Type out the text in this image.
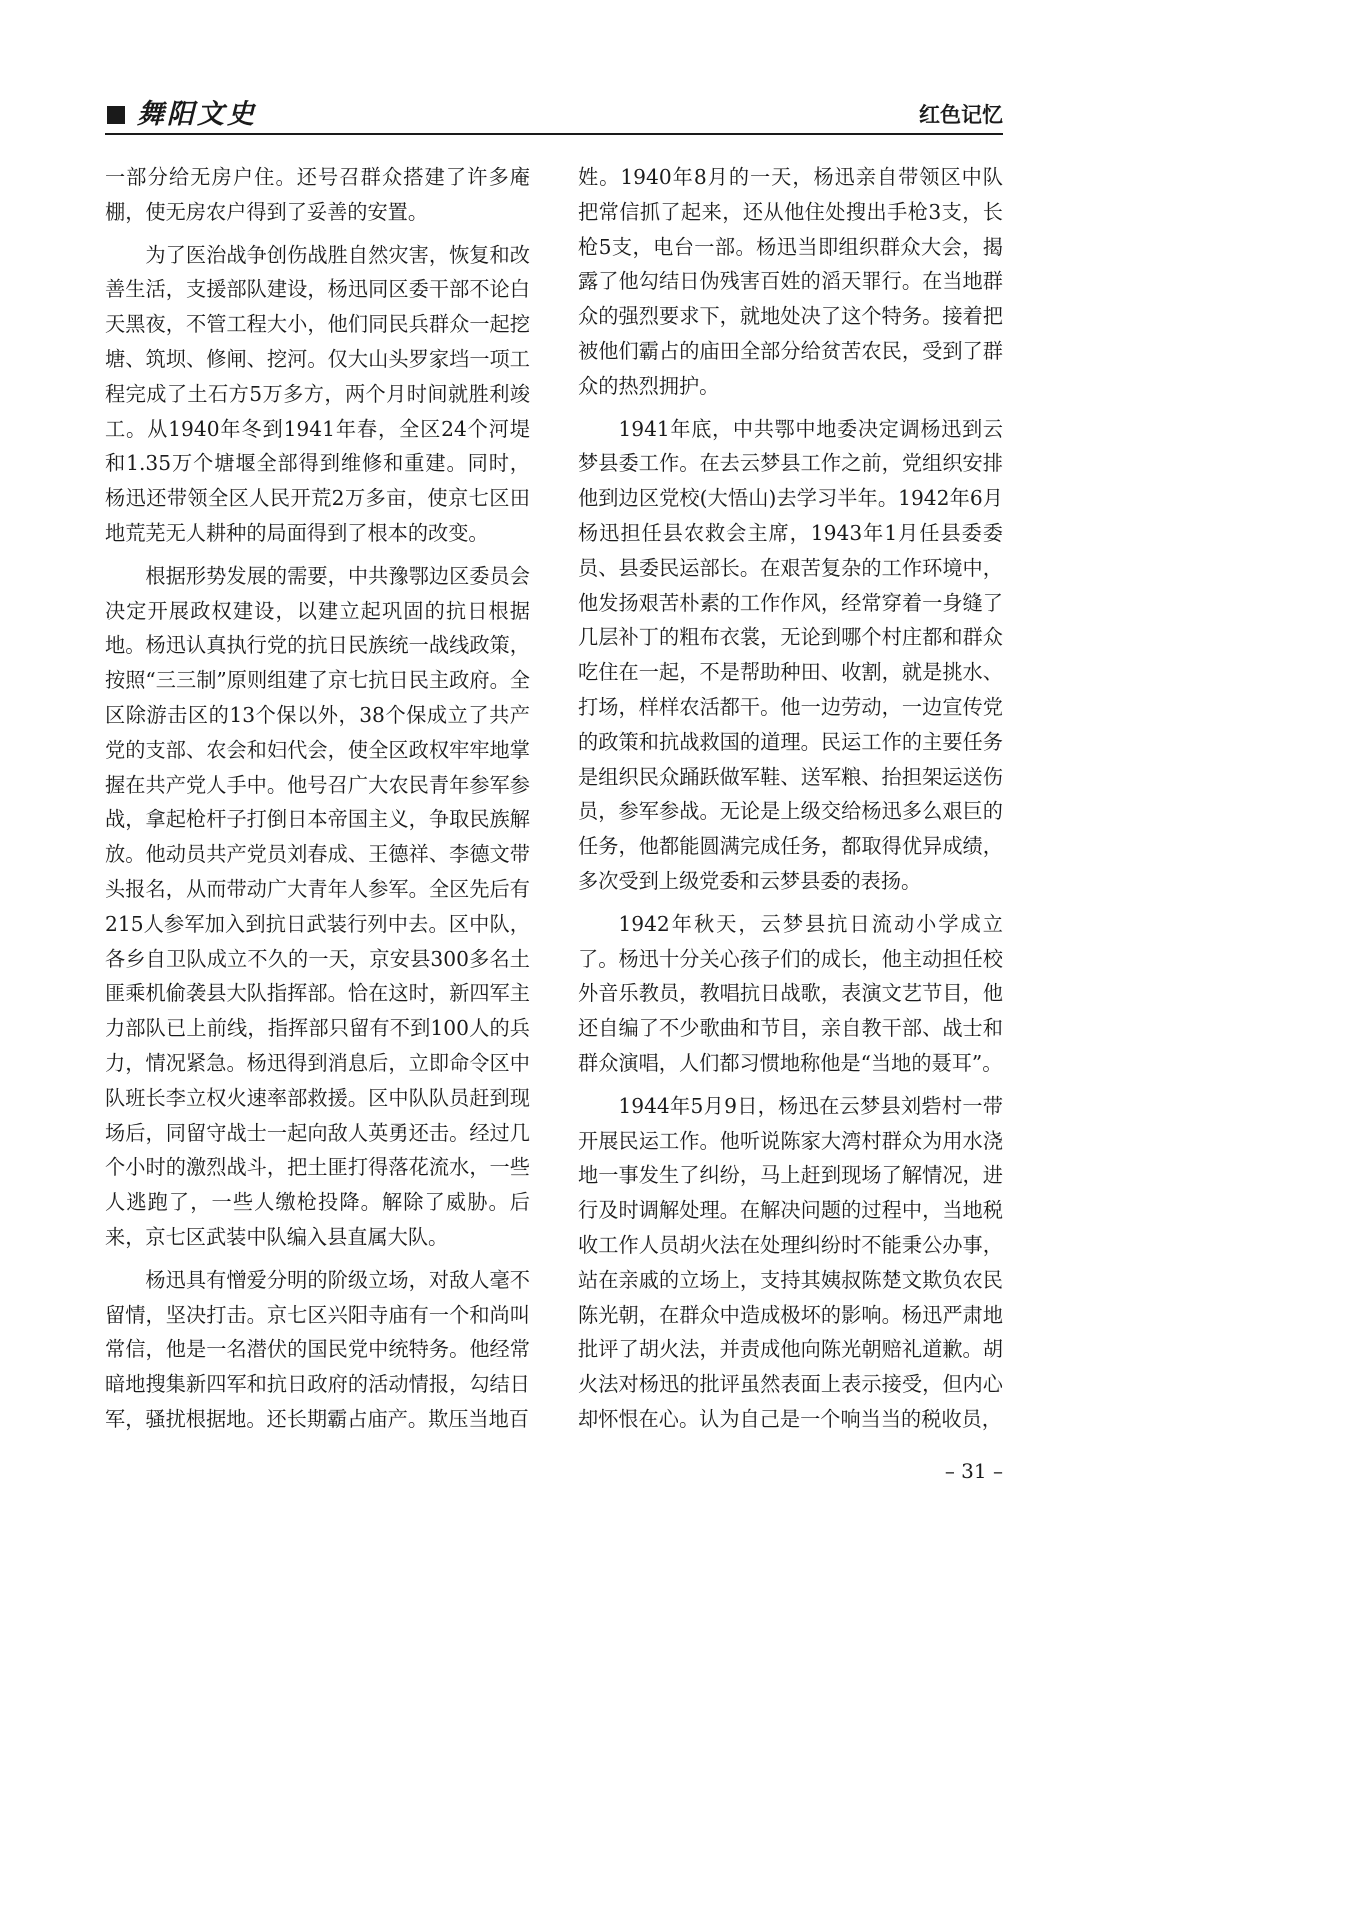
舞阳文史	红色记忆

一部分给无房户住。还号召群众搭建了许多庵棚，使无房农户得到了妥善的安置。

为了医治战争创伤战胜自然灾害，恢复和改善生活，支援部队建设，杨迅同区委干部不论白天黑夜，不管工程大小，他们同民兵群众一起挖塘、筑坝、修闸、挖河。仅大山头罗家垱一项工程完成了土石方5万多方，两个月时间就胜利竣工。从1940年冬到1941年春，全区24个河堤和1.35万个塘堰全部得到维修和重建。同时，杨迅还带领全区人民开荒2万多亩，使京七区田地荒芜无人耕种的局面得到了根本的改变。

根据形势发展的需要，中共豫鄂边区委员会决定开展政权建设，以建立起巩固的抗日根据地。杨迅认真执行党的抗日民族统一战线政策，按照“三三制”原则组建了京七抗日民主政府。全区除游击区的13个保以外，38个保成立了共产党的支部、农会和妇代会，使全区政权牢牢地掌握在共产党人手中。他号召广大农民青年参军参战，拿起枪杆子打倒日本帝国主义，争取民族解放。他动员共产党员刘春成、王德祥、李德文带头报名，从而带动广大青年人参军。全区先后有215人参军加入到抗日武装行列中去。区中队，各乡自卫队成立不久的一天，京安县300多名土匪乘机偷袭县大队指挥部。恰在这时，新四军主力部队已上前线，指挥部只留有不到100人的兵力，情况紧急。杨迅得到消息后，立即命令区中队班长李立权火速率部救援。区中队队员赶到现场后，同留守战士一起向敌人英勇还击。经过几个小时的激烈战斗，把土匪打得落花流水，一些人逃跑了，一些人缴枪投降。解除了威胁。后来，京七区武装中队编入县直属大队。

杨迅具有憎爱分明的阶级立场，对敌人毫不留情，坚决打击。京七区兴阳寺庙有一个和尚叫常信，他是一名潜伏的国民党中统特务。他经常暗地搜集新四军和抗日政府的活动情报，勾结日军，骚扰根据地。还长期霸占庙产。欺压当地百

姓。1940年8月的一天，杨迅亲自带领区中队把常信抓了起来，还从他住处搜出手枪3支，长枪5支，电台一部。杨迅当即组织群众大会，揭露了他勾结日伪残害百姓的滔天罪行。在当地群众的强烈要求下，就地处决了这个特务。接着把被他们霸占的庙田全部分给贫苦农民，受到了群众的热烈拥护。

1941年底，中共鄂中地委决定调杨迅到云梦县委工作。在去云梦县工作之前，党组织安排他到边区党校(大悟山)去学习半年。1942年6月杨迅担任县农救会主席，1943年1月任县委委员、县委民运部长。在艰苦复杂的工作环境中，他发扬艰苦朴素的工作作风，经常穿着一身缝了几层补丁的粗布衣裳，无论到哪个村庄都和群众吃住在一起，不是帮助种田、收割，就是挑水、打场，样样农活都干。他一边劳动，一边宣传党的政策和抗战救国的道理。民运工作的主要任务是组织民众踊跃做军鞋、送军粮、抬担架运送伤员，参军参战。无论是上级交给杨迅多么艰巨的任务，他都能圆满完成任务，都取得优异成绩，多次受到上级党委和云梦县委的表扬。

1942年秋天，云梦县抗日流动小学成立了。杨迅十分关心孩子们的成长，他主动担任校外音乐教员，教唱抗日战歌，表演文艺节目，他还自编了不少歌曲和节目，亲自教干部、战士和群众演唱，人们都习惯地称他是“当地的聂耳”。

1944年5月9日，杨迅在云梦县刘砦村一带开展民运工作。他听说陈家大湾村群众为用水浇地一事发生了纠纷，马上赶到现场了解情况，进行及时调解处理。在解决问题的过程中，当地税收工作人员胡火法在处理纠纷时不能秉公办事，站在亲戚的立场上，支持其姨叔陈楚文欺负农民陈光朝，在群众中造成极坏的影响。杨迅严肃地批评了胡火法，并责成他向陈光朝赔礼道歉。胡火法对杨迅的批评虽然表面上表示接受，但内心却怀恨在心。认为自己是一个响当当的税收员，

– 31 –
